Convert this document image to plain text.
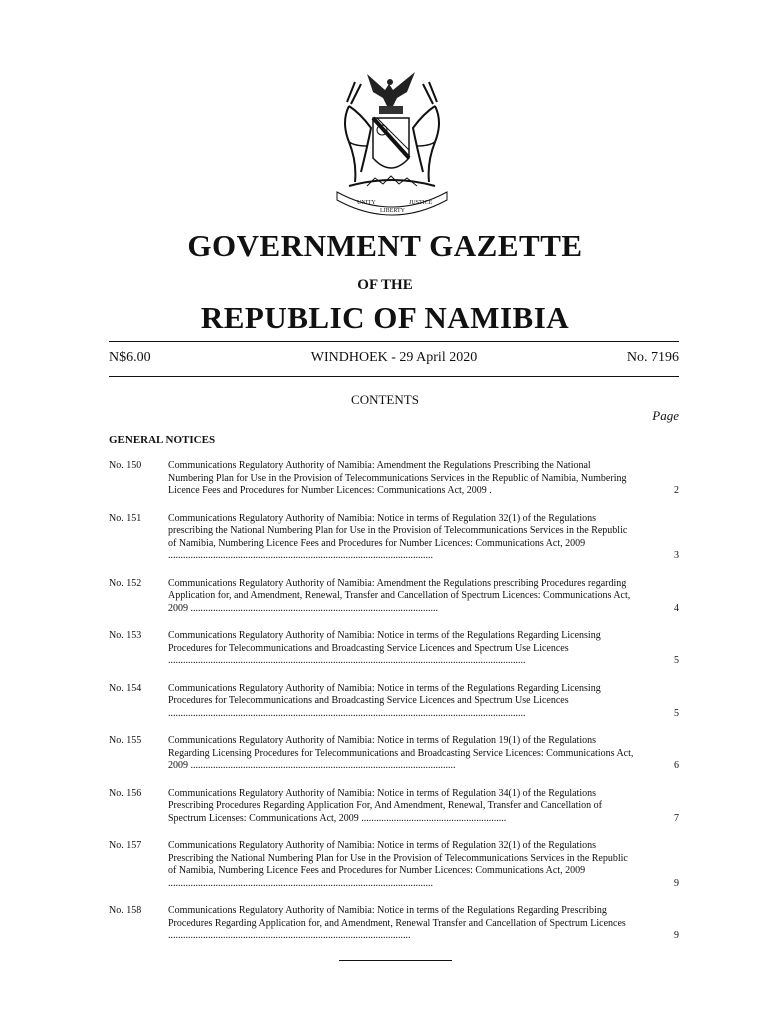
UNITY
LIBERTY
JUSTICE
GOVERNMENT GAZETTE
OF THE
REPUBLIC OF NAMIBIA
N$6.00	WINDHOEK - 29 April 2020	No. 7196
CONTENTS
Page
GENERAL NOTICES
No. 150	Communications Regulatory Authority of Namibia: Amendment the Regulations Prescribing the National Numbering Plan for Use in the Provision of Telecommunications Services in the Republic of Namibia, Numbering Licence Fees and Procedures for Number Licences: Communications Act, 2009 .	2
No. 151	Communications Regulatory Authority of Namibia: Notice in terms of Regulation 32(1) of the Regulations prescribing the National Numbering Plan for Use in the Provision of Telecommunications Services in the Republic of Namibia, Numbering Licence Fees and Procedures for Number Licences: Communications Act, 2009 ..........................................................................................................	3
No. 152	Communications Regulatory Authority of Namibia: Amendment the Regulations prescribing Procedures regarding Application for, and Amendment, Renewal, Transfer and Cancellation of Spectrum Licences: Communications Act, 2009 ...................................................................................................	4
No. 153	Communications Regulatory Authority of Namibia: Notice in terms of the Regulations Regarding Licensing Procedures for Telecommunications and Broadcasting Service Licences and Spectrum Use Licences ...............................................................................................................................................	5
No. 154	Communications Regulatory Authority of Namibia: Notice in terms of the Regulations Regarding Licensing Procedures for Telecommunications and Broadcasting Service Licences and Spectrum Use Licences ...............................................................................................................................................	5
No. 155	Communications Regulatory Authority of Namibia: Notice in terms of Regulation 19(1) of the Regulations Regarding Licensing Procedures for Telecommunications and Broadcasting Service Licences: Communications Act, 2009 ..........................................................................................................	6
No. 156	Communications Regulatory Authority of Namibia: Notice in terms of Regulation 34(1) of the Regulations Prescribing Procedures Regarding Application For, And Amendment, Renewal, Transfer and Cancellation of Spectrum Licenses: Communications Act, 2009 ..........................................................	7
No. 157	Communications Regulatory Authority of Namibia: Notice in terms of Regulation 32(1) of the Regulations Prescribing the National Numbering Plan for Use in the Provision of Telecommunications Services in the Republic of Namibia, Numbering Licence Fees and Procedures for Number Licences: Communications Act, 2009 ..........................................................................................................	9
No. 158	Communications Regulatory Authority of Namibia: Notice in terms of the Regulations Regarding Prescribing Procedures Regarding Application for, and Amendment, Renewal Transfer and Cancellation of Spectrum Licences .................................................................................................	9
